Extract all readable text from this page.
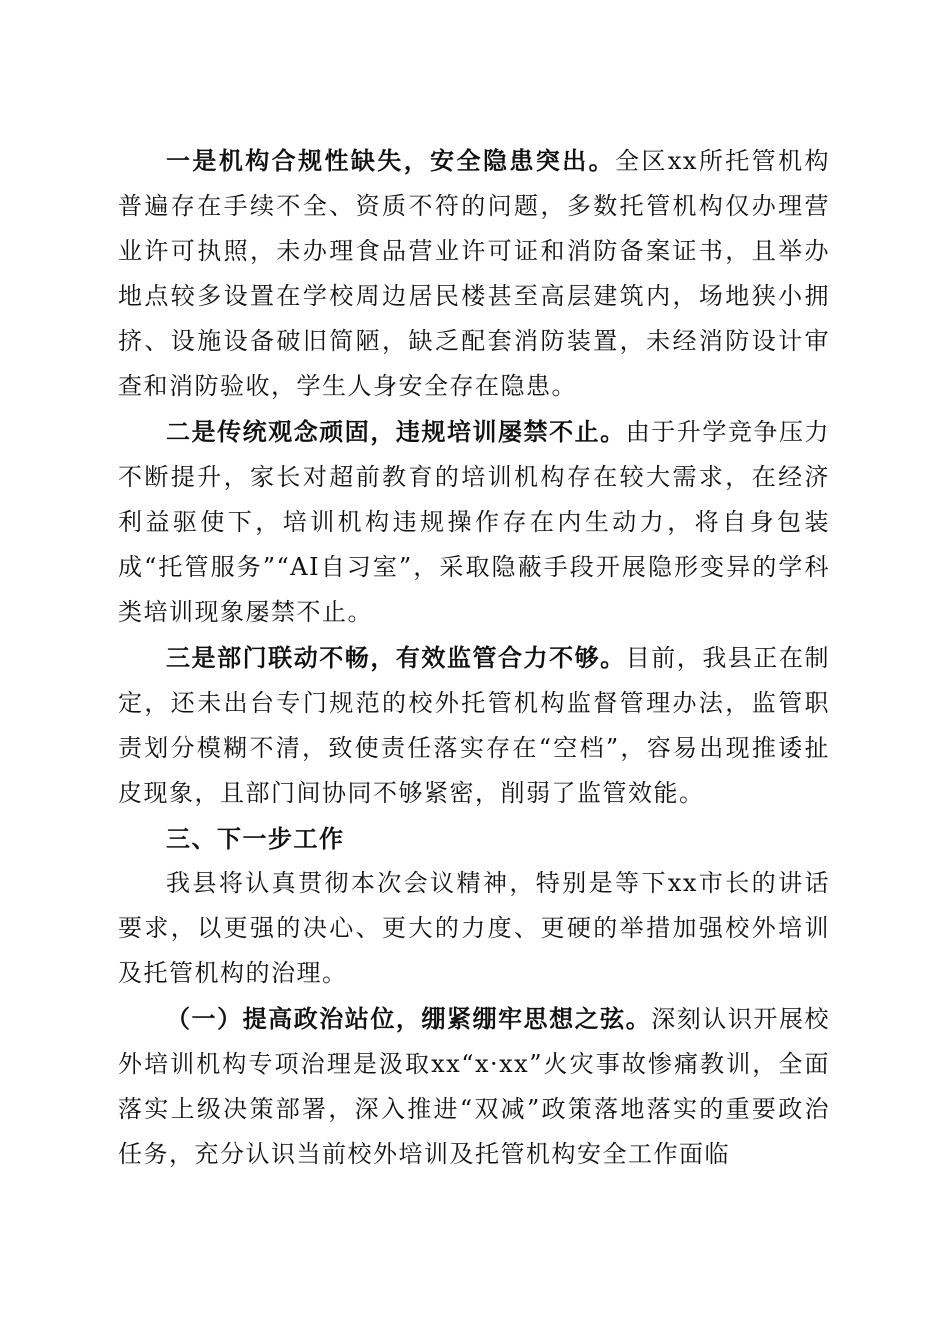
一是机构合规性缺失，安全隐患突出。全区xx所托管机构普遍存在手续不全、资质不符的问题，多数托管机构仅办理营业许可执照，未办理食品营业许可证和消防备案证书，且举办地点较多设置在学校周边居民楼甚至高层建筑内，场地狭小拥挤、设施设备破旧简陋，缺乏配套消防装置，未经消防设计审查和消防验收，学生人身安全存在隐患。

二是传统观念顽固，违规培训屡禁不止。由于升学竞争压力不断提升，家长对超前教育的培训机构存在较大需求，在经济利益驱使下，培训机构违规操作存在内生动力，将自身包装成“托管服务”“AI自习室”，采取隐蔽手段开展隐形变异的学科类培训现象屡禁不止。

三是部门联动不畅，有效监管合力不够。目前，我县正在制定，还未出台专门规范的校外托管机构监督管理办法，监管职责划分模糊不清，致使责任落实存在“空档”，容易出现推诿扯皮现象，且部门间协同不够紧密，削弱了监管效能。

三、下一步工作

我县将认真贯彻本次会议精神，特别是等下xx市长的讲话要求，以更强的决心、更大的力度、更硬的举措加强校外培训及托管机构的治理。

（一）提高政治站位，绷紧绷牢思想之弦。深刻认识开展校外培训机构专项治理是汲取xx“x·xx”火灾事故惨痛教训，全面落实上级决策部署，深入推进“双减”政策落地落实的重要政治任务，充分认识当前校外培训及托管机构安全工作面临
